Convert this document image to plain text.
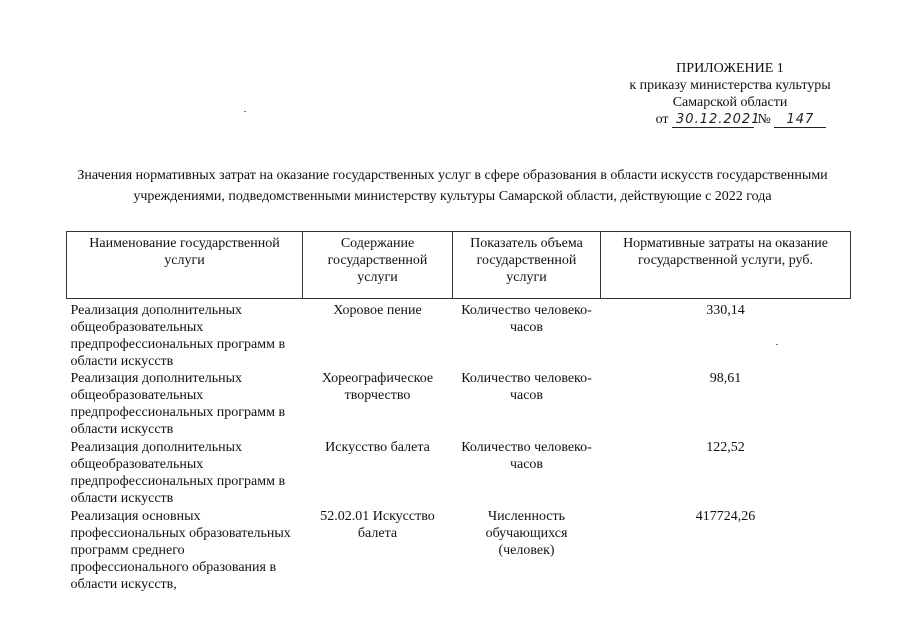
ПРИЛОЖЕНИЕ 1
к приказу министерства культуры
Самарской области
от 30.12.2021 № 147
Значения нормативных затрат на оказание государственных услуг в сфере образования в области искусств государственными учреждениями, подведомственными министерству культуры Самарской области, действующие с 2022 года
Наименование государственной услуги	Содержание государственной услуги	Показатель объема государственной услуги	Нормативные затраты на оказание государственной услуги, руб.
Реализация дополнительных общеобразовательных предпрофессиональных программ в области искусств	Хоровое пение	Количество человеко-часов	330,14
Реализация дополнительных общеобразовательных предпрофессиональных программ в области искусств	Хореографическое творчество	Количество человеко-часов	98,61
Реализация дополнительных общеобразовательных предпрофессиональных программ в области искусств	Искусство балета	Количество человеко-часов	122,52
Реализация основных профессиональных образовательных программ среднего профессионального образования в области искусств,	52.02.01 Искусство балета	Численность обучающихся (человек)	417724,26
